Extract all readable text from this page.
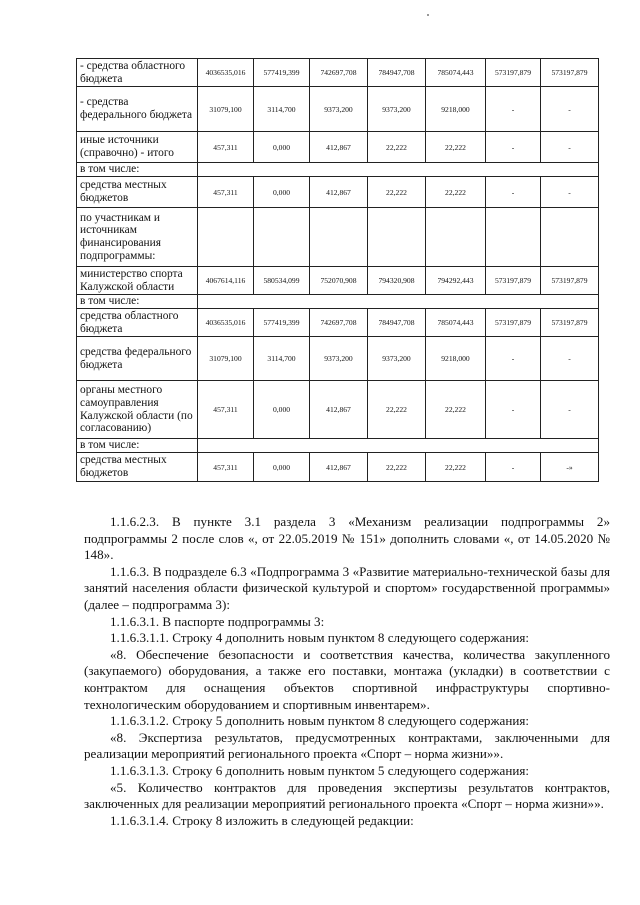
- средства областного бюджета	4036535,016	577419,399	742697,708	784947,708	785074,443	573197,879	573197,879
- средства федерального бюджета	31079,100	3114,700	9373,200	9373,200	9218,000	-	-
иные источники (справочно) - итого	457,311	0,000	412,867	22,222	22,222	-	-
в том числе:							
средства местных бюджетов	457,311	0,000	412,867	22,222	22,222	-	-
по участникам и источникам финансирования подпрограммы:							
министерство спорта Калужской области	4067614,116	580534,099	752070,908	794320,908	794292,443	573197,879	573197,879
в том числе:							
средства областного бюджета	4036535,016	577419,399	742697,708	784947,708	785074,443	573197,879	573197,879
средства федерального бюджета	31079,100	3114,700	9373,200	9373,200	9218,000	-	-
органы местного самоуправления Калужской области (по согласованию)	457,311	0,000	412,867	22,222	22,222	-	-
в том числе:							
средства местных бюджетов	457,311	0,000	412,867	22,222	22,222	-	-»

1.1.6.2.3. В пункте 3.1 раздела 3 «Механизм реализации подпрограммы 2» подпрограммы 2 после слов «, от 22.05.2019 № 151» дополнить словами «, от 14.05.2020 № 148».

1.1.6.3. В подразделе 6.3 «Подпрограмма 3 «Развитие материально-технической базы для занятий населения области физической культурой и спортом» государственной программы» (далее – подпрограмма 3):

1.1.6.3.1. В паспорте подпрограммы 3:

1.1.6.3.1.1. Строку 4 дополнить новым пунктом 8 следующего содержания:

«8. Обеспечение безопасности и соответствия качества, количества закупленного (закупаемого) оборудования, а также его поставки, монтажа (укладки) в соответствии с контрактом для оснащения объектов спортивной инфраструктуры спортивно-технологическим оборудованием и спортивным инвентарем».

1.1.6.3.1.2. Строку 5 дополнить новым пунктом 8 следующего содержания:

«8. Экспертиза результатов, предусмотренных контрактами, заключенными для реализации мероприятий регионального проекта «Спорт – норма жизни»».

1.1.6.3.1.3. Строку 6 дополнить новым пунктом 5 следующего содержания:

«5. Количество контрактов для проведения экспертизы результатов контрактов, заключенных для реализации мероприятий регионального проекта «Спорт – норма жизни»».

1.1.6.3.1.4. Строку 8 изложить в следующей редакции:
